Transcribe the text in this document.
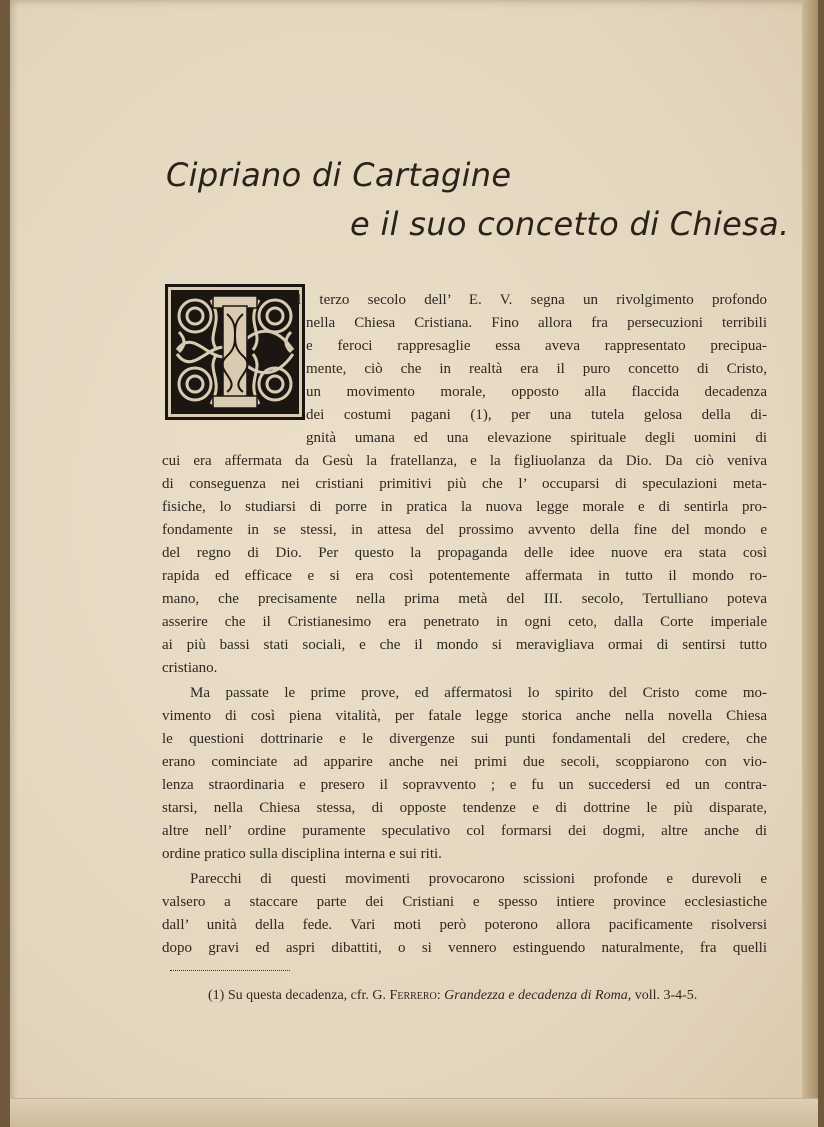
Cipriano di Cartagine
e il suo concetto di Chiesa.

l terzo secolo dell’ E. V. segna un rivolgimento profondo

nella Chiesa Cristiana. Fino allora fra persecuzioni terribili

e feroci rappresaglie essa aveva rappresentato precipua-

mente, ciò che in realtà era il puro concetto di Cristo,

un movimento morale, opposto alla flaccida decadenza

dei costumi pagani (1), per una tutela gelosa della di-

gnità umana ed una elevazione spirituale degli uomini di

cui era affermata da Gesù la fratellanza, e la figliuolanza da Dio. Da ciò veniva

di conseguenza nei cristiani primitivi più che l’ occuparsi di speculazioni meta-

fisiche, lo studiarsi di porre in pratica la nuova legge morale e di sentirla pro-

fondamente in se stessi, in attesa del prossimo avvento della fine del mondo e

del regno di Dio. Per questo la propaganda delle idee nuove era stata così

rapida ed efficace e si era così potentemente affermata in tutto il mondo ro-

mano, che precisamente nella prima metà del III. secolo, Tertulliano poteva

asserire che il Cristianesimo era penetrato in ogni ceto, dalla Corte imperiale

ai più bassi stati sociali, e che il mondo si meravigliava ormai di sentirsi tutto

cristiano.

Ma passate le prime prove, ed affermatosi lo spirito del Cristo come mo-

vimento di così piena vitalità, per fatale legge storica anche nella novella Chiesa

le questioni dottrinarie e le divergenze sui punti fondamentali del credere, che

erano cominciate ad apparire anche nei primi due secoli, scoppiarono con vio-

lenza straordinaria e presero il sopravvento ; e fu un succedersi ed un contra-

starsi, nella Chiesa stessa, di opposte tendenze e di dottrine le più disparate,

altre nell’ ordine puramente speculativo col formarsi dei dogmi, altre anche di

ordine pratico sulla disciplina interna e sui riti.

Parecchi di questi movimenti provocarono scissioni profonde e durevoli e

valsero a staccare parte dei Cristiani e spesso intiere province ecclesiastiche

dall’ unità della fede. Vari moti però poterono allora pacificamente risolversi

dopo gravi ed aspri dibattiti, o si vennero estinguendo naturalmente, fra quelli

(1) Su questa decadenza, cfr. G. Ferrero: Grandezza e decadenza di Roma, voll. 3-4-5.
